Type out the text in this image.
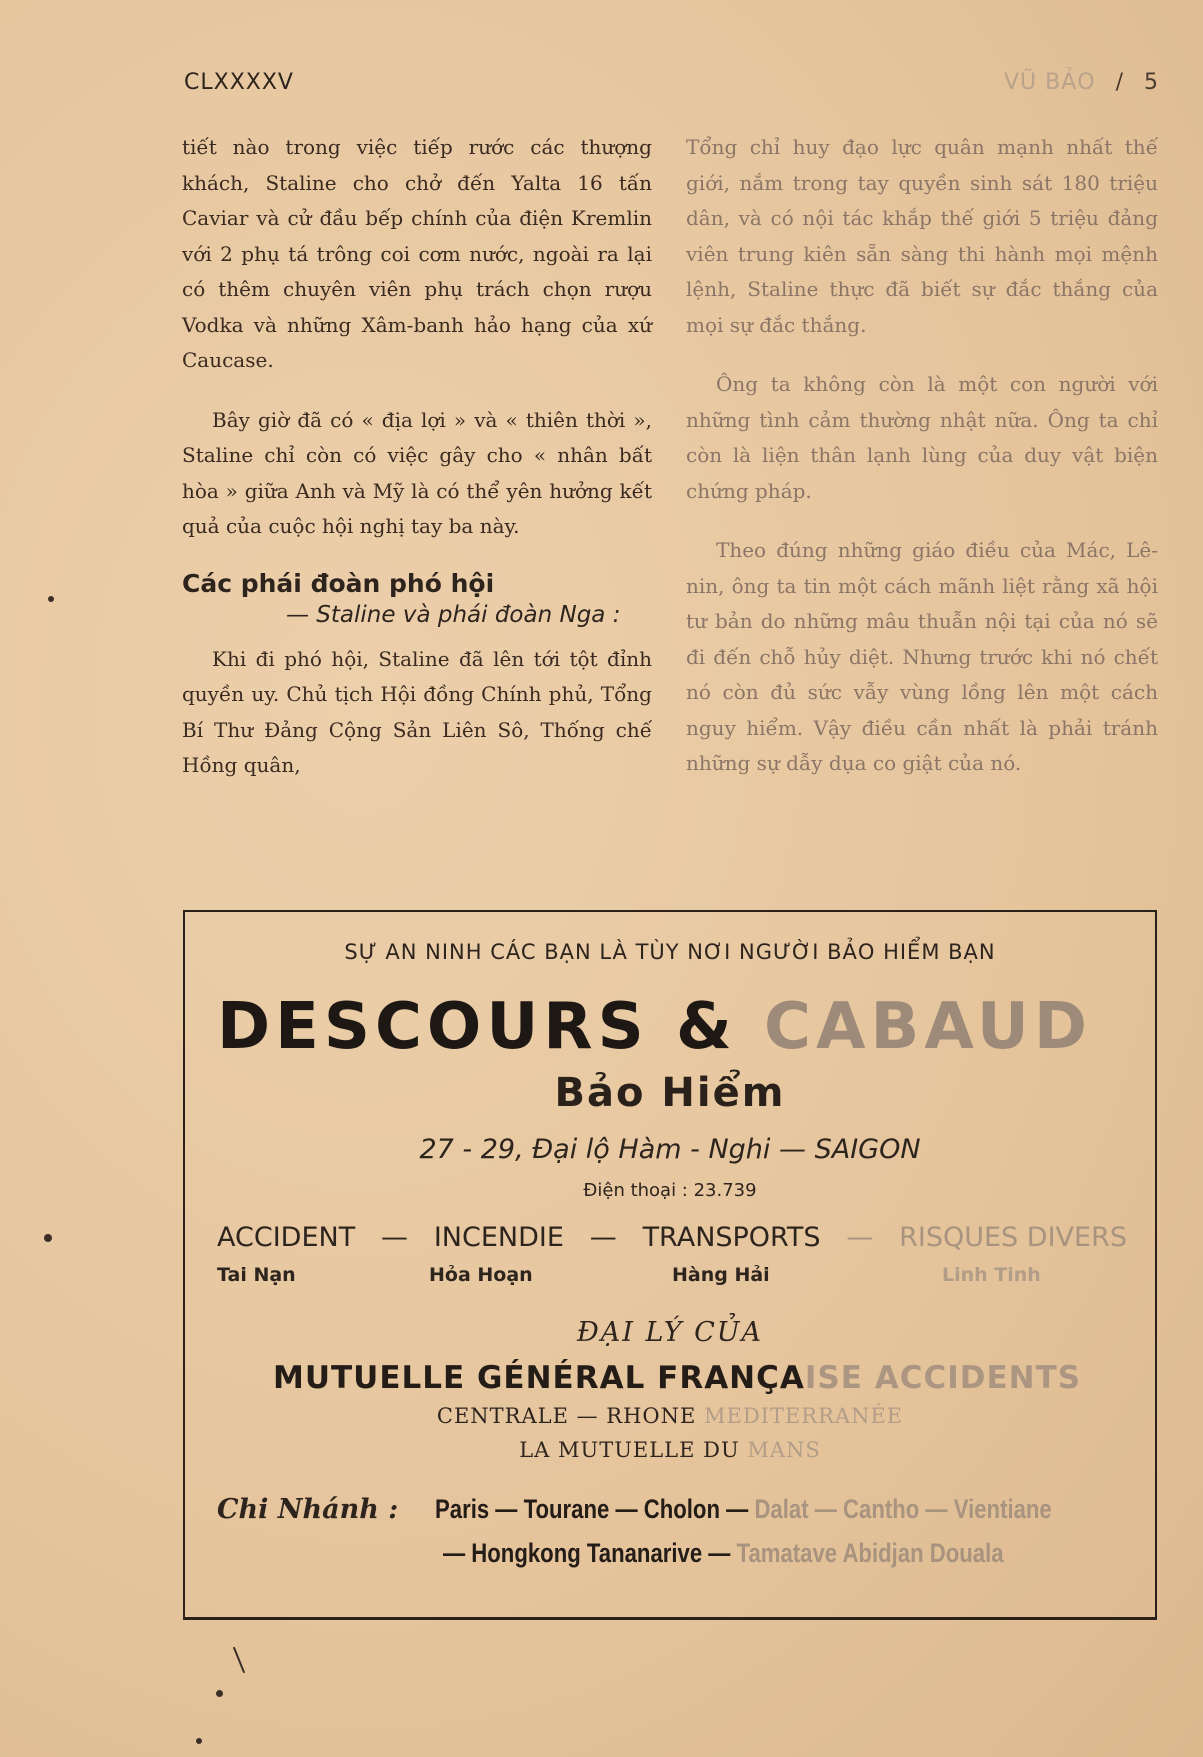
CLXXXXV	VŨ BẢO / 5

tiết nào trong việc tiếp rước các thượng khách, Staline cho chở đến Yalta 16 tấn Caviar và cử đầu bếp chính của điện Kremlin với 2 phụ tá trông coi cơm nước, ngoài ra lại có thêm chuyên viên phụ trách chọn rượu Vodka và những Xâm-banh hảo hạng của xứ Caucase.

Bây giờ đã có « địa lợi » và « thiên thời », Staline chỉ còn có việc gây cho « nhân bất hòa » giữa Anh và Mỹ là có thể yên hưởng kết quả của cuộc hội nghị tay ba này.

Các phái đoàn phó hội
— Staline và phái đoàn Nga :

Khi đi phó hội, Staline đã lên tới tột đỉnh quyền uy. Chủ tịch Hội đồng Chính phủ, Tổng Bí Thư Đảng Cộng Sản Liên Sô, Thống chế Hồng quân,

Tổng chỉ huy đạo lực quân mạnh nhất thế giới, nắm trong tay quyền sinh sát 180 triệu dân, và có nội tác khắp thế giới 5 triệu đảng viên trung kiên sẵn sàng thi hành mọi mệnh lệnh, Staline thực đã biết sự đắc thắng của mọi sự đắc thắng.

Ông ta không còn là một con người với những tình cảm thường nhật nữa. Ông ta chỉ còn là liện thân lạnh lùng của duy vật biện chứng pháp.

Theo đúng những giáo điều của Mác, Lê-nin, ông ta tin một cách mãnh liệt rằng xã hội tư bản do những mâu thuẫn nội tại của nó sẽ đi đến chỗ hủy diệt. Nhưng trước khi nó chết nó còn đủ sức vẫy vùng lồng lên một cách nguy hiểm. Vậy điều cần nhất là phải tránh những sự dẫy dụa co giật của nó.

SỰ AN NINH CÁC BẠN LÀ TÙY NƠI NGƯỜI BẢO HIỂM BẠN
DESCOURS & CABAUD
Bảo Hiểm
27 - 29, Đại lộ Hàm - Nghi — SAIGON
Điện thoại : 23.739
ACCIDENT — INCENDIE — TRANSPORTS — RISQUES DIVERS
Tai Nạn	Hỏa Hoạn	Hàng Hải	Linh Tinh
ĐẠI LÝ CỦA
MUTUELLE GÉNÉRAL FRANÇAISE ACCIDENTS
CENTRALE — RHONE MEDITERRANÉE
LA MUTUELLE DU MANS
Chi Nhánh : Paris — Tourane — Cholon — Dalat — Cantho — Vientiane
— Hongkong Tananarive — Tamatave Abidjan Douala
